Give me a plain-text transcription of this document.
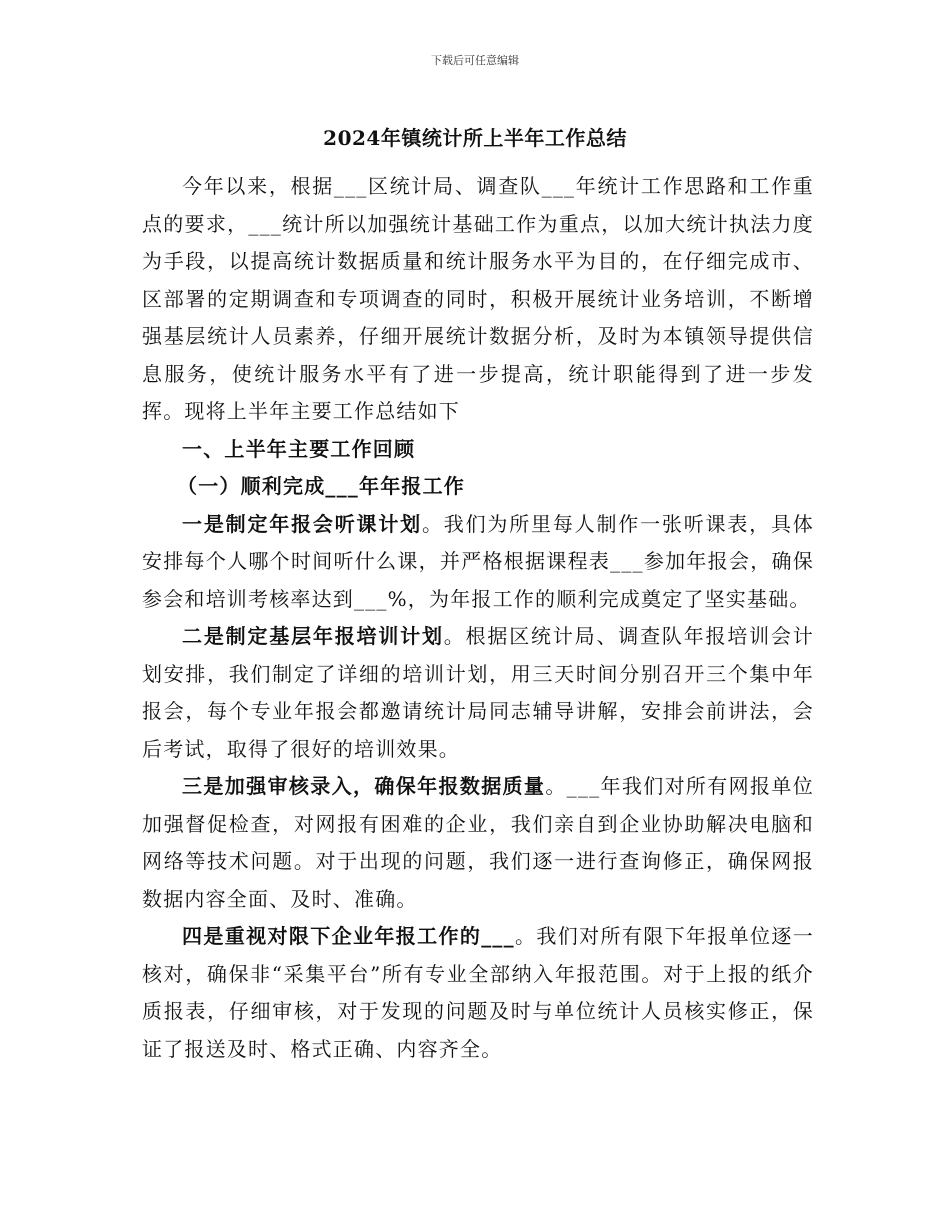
下载后可任意编辑
2024年镇统计所上半年工作总结

今年以来，根据___区统计局、调查队___年统计工作思路和工作重点的要求，___统计所以加强统计基础工作为重点，以加大统计执法力度为手段，以提高统计数据质量和统计服务水平为目的，在仔细完成市、区部署的定期调查和专项调查的同时，积极开展统计业务培训，不断增强基层统计人员素养，仔细开展统计数据分析，及时为本镇领导提供信息服务，使统计服务水平有了进一步提高，统计职能得到了进一步发挥。现将上半年主要工作总结如下

一、上半年主要工作回顾

（一）顺利完成___年年报工作

一是制定年报会听课计划。我们为所里每人制作一张听课表，具体安排每个人哪个时间听什么课，并严格根据课程表___参加年报会，确保参会和培训考核率达到___%，为年报工作的顺利完成奠定了坚实基础。

二是制定基层年报培训计划。根据区统计局、调查队年报培训会计划安排，我们制定了详细的培训计划，用三天时间分别召开三个集中年报会，每个专业年报会都邀请统计局同志辅导讲解，安排会前讲法，会后考试，取得了很好的培训效果。

三是加强审核录入，确保年报数据质量。___年我们对所有网报单位加强督促检查，对网报有困难的企业，我们亲自到企业协助解决电脑和网络等技术问题。对于出现的问题，我们逐一进行查询修正，确保网报数据内容全面、及时、准确。

四是重视对限下企业年报工作的___。我们对所有限下年报单位逐一核对，确保非“采集平台”所有专业全部纳入年报范围。对于上报的纸介质报表，仔细审核，对于发现的问题及时与单位统计人员核实修正，保证了报送及时、格式正确、内容齐全。
